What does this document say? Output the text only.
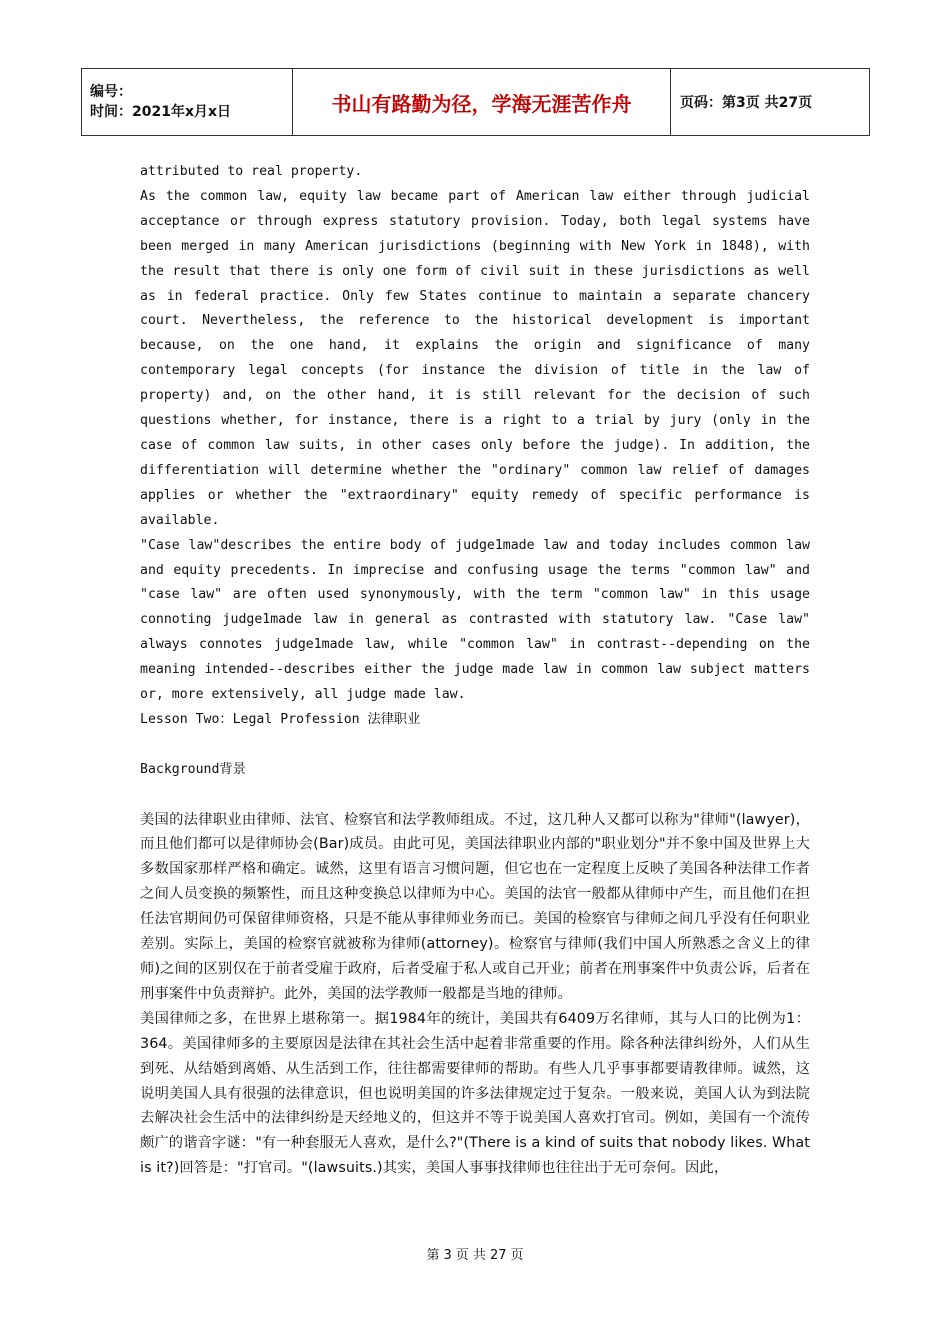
编号：
时间：2021年x月x日	书山有路勤为径，学海无涯苦作舟	页码：第3页 共27页

attributed to real property.

As the common law, equity law became part of American law either through judicial acceptance or through express statutory provision. Today, both legal systems have been merged in many American jurisdictions (beginning with New York in 1848), with the result that there is only one form of civil suit in these jurisdictions as well as in federal practice. Only few States continue to maintain a separate chancery court. Nevertheless, the reference to the historical development is important because, on the one hand, it explains the origin and significance of many contemporary legal concepts (for instance the division of title in the law of property) and, on the other hand, it is still relevant for the decision of such questions whether, for instance, there is a right to a trial by jury (only in the case of common law suits, in other cases only before the judge). In addition, the differentiation will determine whether the "ordinary" common law relief of damages applies or whether the "extraordinary" equity remedy of specific performance is available.

"Case law"describes the entire body of judge1made law and today includes common law and equity precedents. In imprecise and confusing usage the terms "common law" and "case law" are often used synonymously, with the term "common law" in this usage connoting judge1made law in general as contrasted with statutory law. "Case law" always connotes judge1made law, while "common law" in contrast--depending on the meaning intended--describes either the judge made law in common law subject matters or, more extensively, all judge made law.

Lesson Two：Legal Profession 法律职业

Background背景

美国的法律职业由律师、法官、检察官和法学教师组成。不过，这几种人又都可以称为"律师"(lawyer)，而且他们都可以是律师协会(Bar)成员。由此可见，美国法律职业内部的"职业划分"并不象中国及世界上大多数国家那样严格和确定。诚然，这里有语言习惯问题，但它也在一定程度上反映了美国各种法律工作者之间人员变换的频繁性，而且这种变换总以律师为中心。美国的法官一般都从律师中产生，而且他们在担任法官期间仍可保留律师资格，只是不能从事律师业务而已。美国的检察官与律师之间几乎没有任何职业差别。实际上，美国的检察官就被称为律师(attorney)。检察官与律师(我们中国人所熟悉之含义上的律师)之间的区别仅在于前者受雇于政府，后者受雇于私人或自己开业；前者在刑事案件中负责公诉，后者在刑事案件中负责辩护。此外，美国的法学教师一般都是当地的律师。

美国律师之多，在世界上堪称第一。据1984年的统计，美国共有6409万名律师，其与人口的比例为1：364。美国律师多的主要原因是法律在其社会生活中起着非常重要的作用。除各种法律纠纷外，人们从生到死、从结婚到离婚、从生活到工作，往往都需要律师的帮助。有些人几乎事事都要请教律师。诚然，这说明美国人具有很强的法律意识，但也说明美国的许多法律规定过于复杂。一般来说，美国人认为到法院去解决社会生活中的法律纠纷是天经地义的，但这并不等于说美国人喜欢打官司。例如，美国有一个流传颇广的谐音字谜："有一种套服无人喜欢，是什么?"(There is a kind of suits that nobody likes. What is it?)回答是："打官司。"(lawsuits.)其实，美国人事事找律师也往往出于无可奈何。因此，

第 3 页 共 27 页
